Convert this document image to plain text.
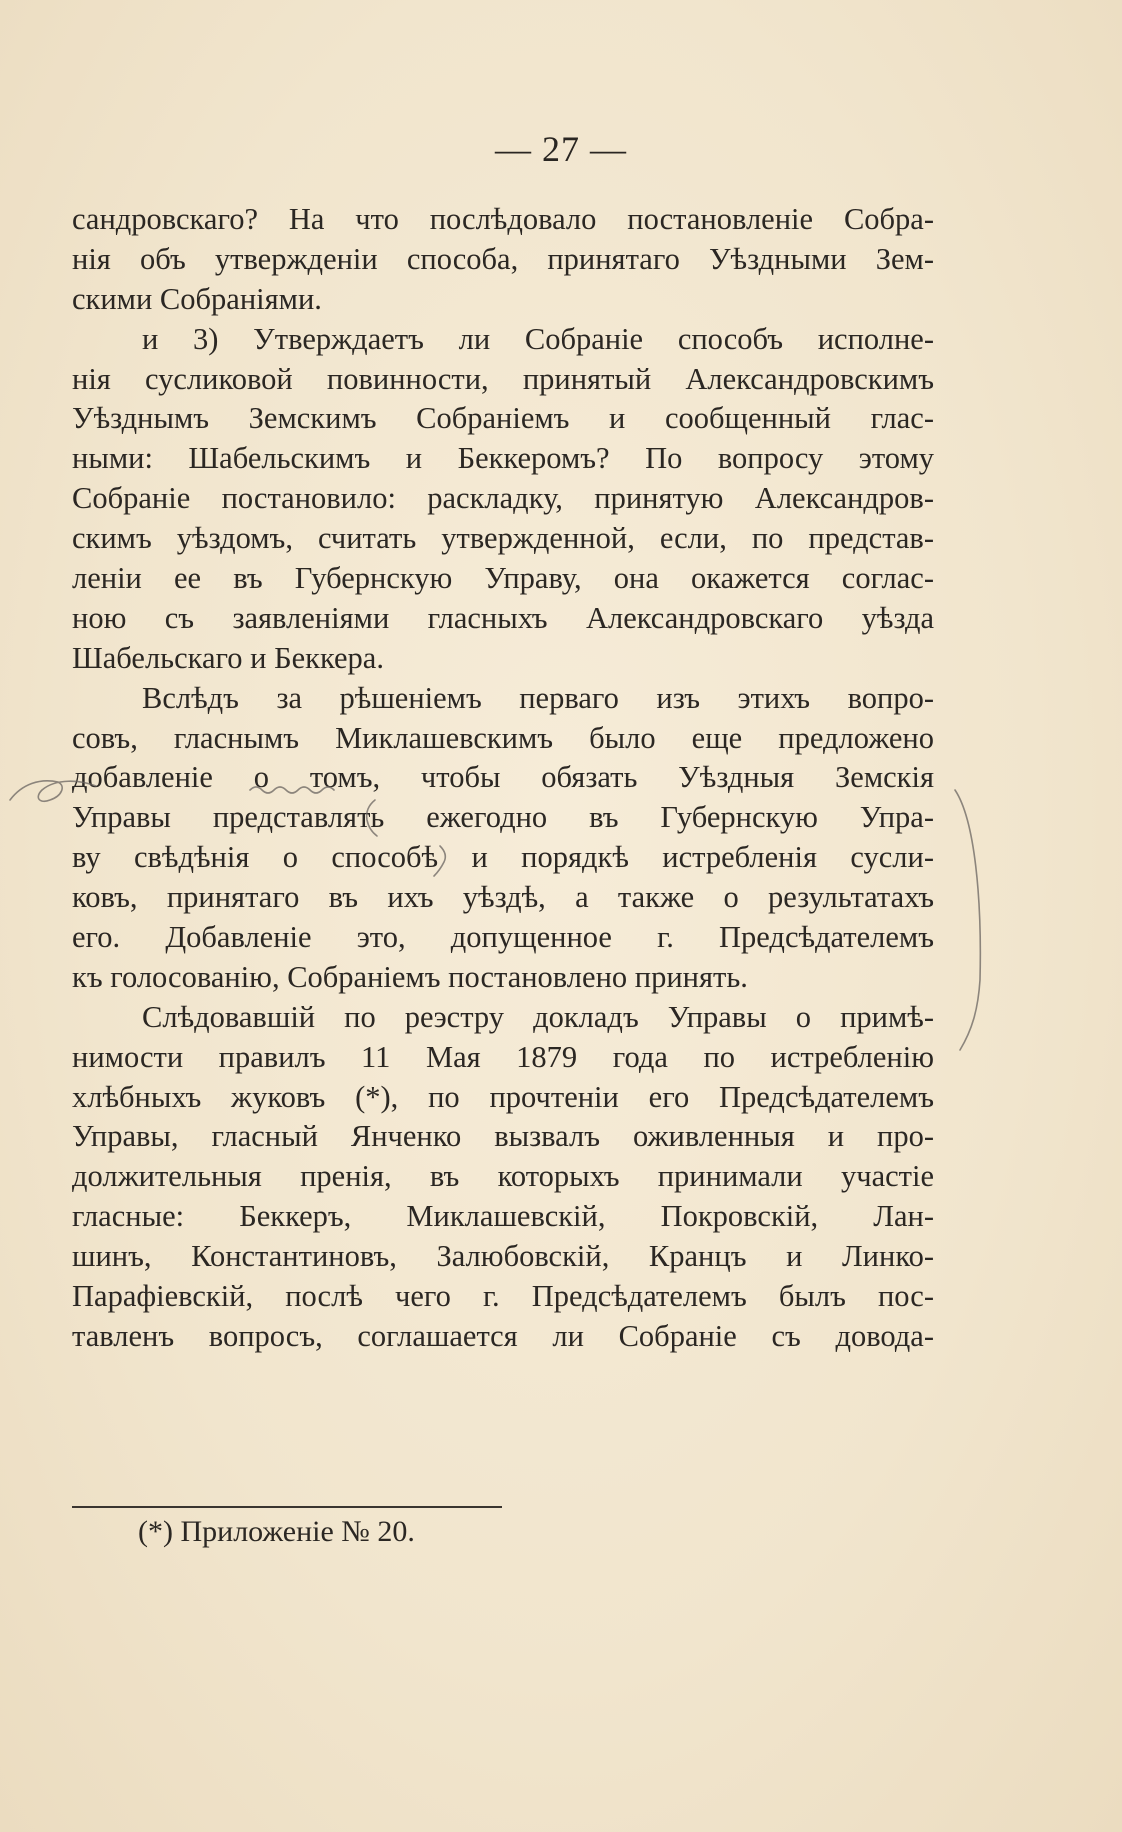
— 27 —
сандровскаго? На что послѣдовало постановленіе Собра-
нія объ утвержденіи способа, принятаго Уѣздными Зем-
скими Собраніями.
и 3) Утверждаетъ ли Собраніе способъ исполне-
нія сусликовой повинности, принятый Александровскимъ
Уѣзднымъ Земскимъ Собраніемъ и сообщенный глас-
ными: Шабельскимъ и Беккеромъ? По вопросу этому
Собраніе постановило: раскладку, принятую Александров-
скимъ уѣздомъ, считать утвержденной, если, по представ-
леніи ее въ Губернскую Управу, она окажется соглас-
ною съ заявленіями гласныхъ Александровскаго уѣзда
Шабельскаго и Беккера.
Вслѣдъ за рѣшеніемъ перваго изъ этихъ вопро-
совъ, гласнымъ Миклашевскимъ было еще предложено
добавленіе о томъ, чтобы обязать Уѣздныя Земскія
Управы представлять ежегодно въ Губернскую Упра-
ву свѣдѣнія о способѣ и порядкѣ истребленія сусли-
ковъ, принятаго въ ихъ уѣздѣ, а также о результатахъ
его. Добавленіе это, допущенное г. Предсѣдателемъ
къ голосованію, Собраніемъ постановлено принять.
Слѣдовавшій по реэстру докладъ Управы о примѣ-
нимости правилъ 11 Мая 1879 года по истребленію
хлѣбныхъ жуковъ (*), по прочтеніи его Предсѣдателемъ
Управы, гласный Янченко вызвалъ оживленныя и про-
должительныя пренія, въ которыхъ принимали участіе
гласные: Беккеръ, Миклашевскій, Покровскій, Лан-
шинъ, Константиновъ, Залюбовскій, Кранцъ и Линко-
Парафіевскій, послѣ чего г. Предсѣдателемъ былъ пос-
тавленъ вопросъ, соглашается ли Собраніе съ довода-
(*) Приложеніе № 20.
